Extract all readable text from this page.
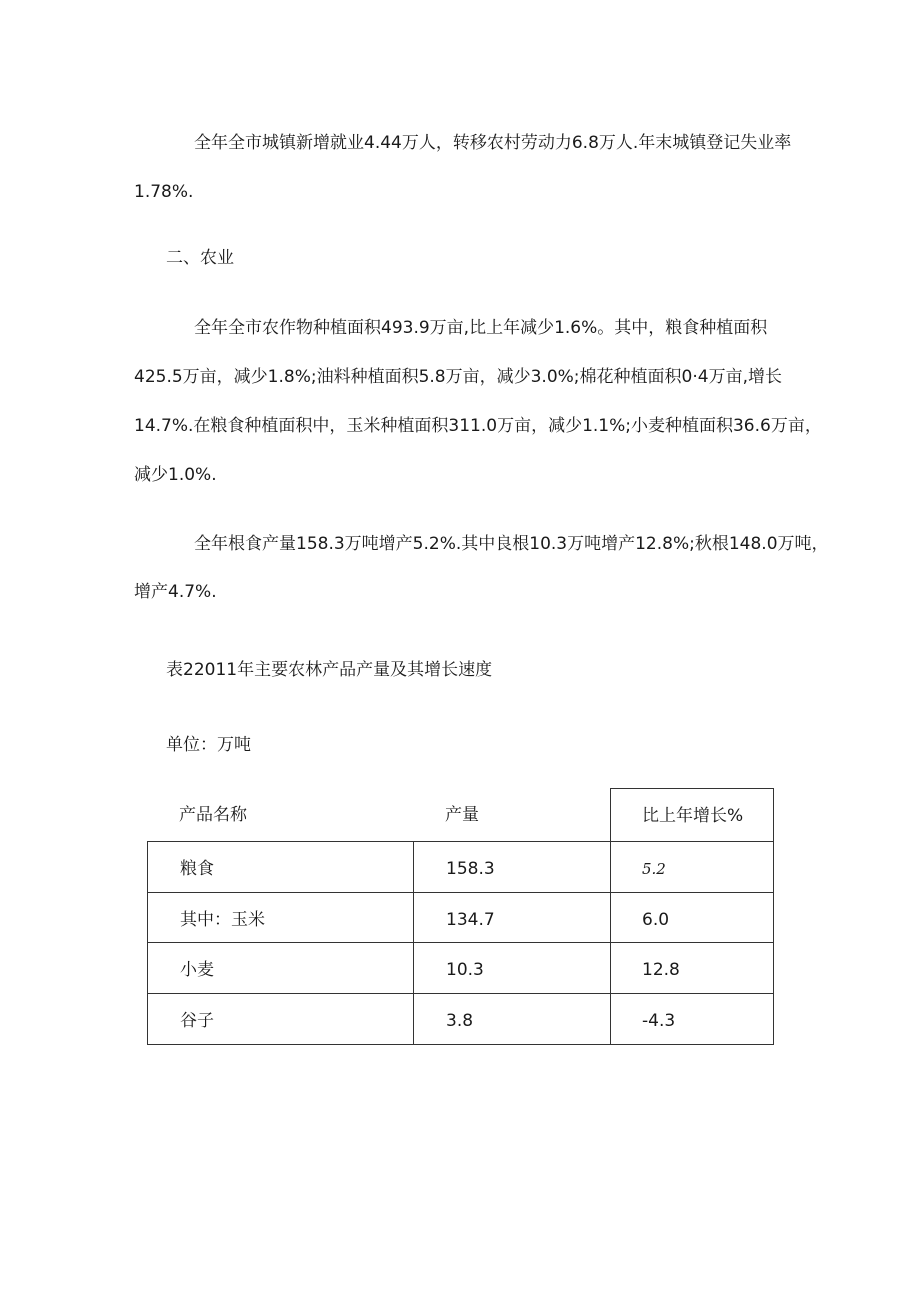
全年全市城镇新增就业4.44万人，转移农村劳动力6.8万人.年末城镇登记失业率

1.78%.

二、农业

全年全市农作物种植面积493.9万亩,比上年减少1.6%。其中，粮食种植面积

425.5万亩，减少1.8%;油料种植面积5.8万亩，减少3.0%;棉花种植面积0·4万亩,增长

14.7%.在粮食种植面积中，玉米种植面积311.0万亩，减少1.1%;小麦种植面积36.6万亩，

减少1.0%.

全年根食产量158.3万吨增产5.2%.其中良根10.3万吨增产12.8%;秋根148.0万吨，

增产4.7%.

表22011年主要农林产品产量及其增长速度

单位：万吨

产品名称	产量	比上年增长%
粮食	158.3	5.2
其中：玉米	134.7	6.0
小麦	10.3	12.8
谷子	3.8	-4.3
